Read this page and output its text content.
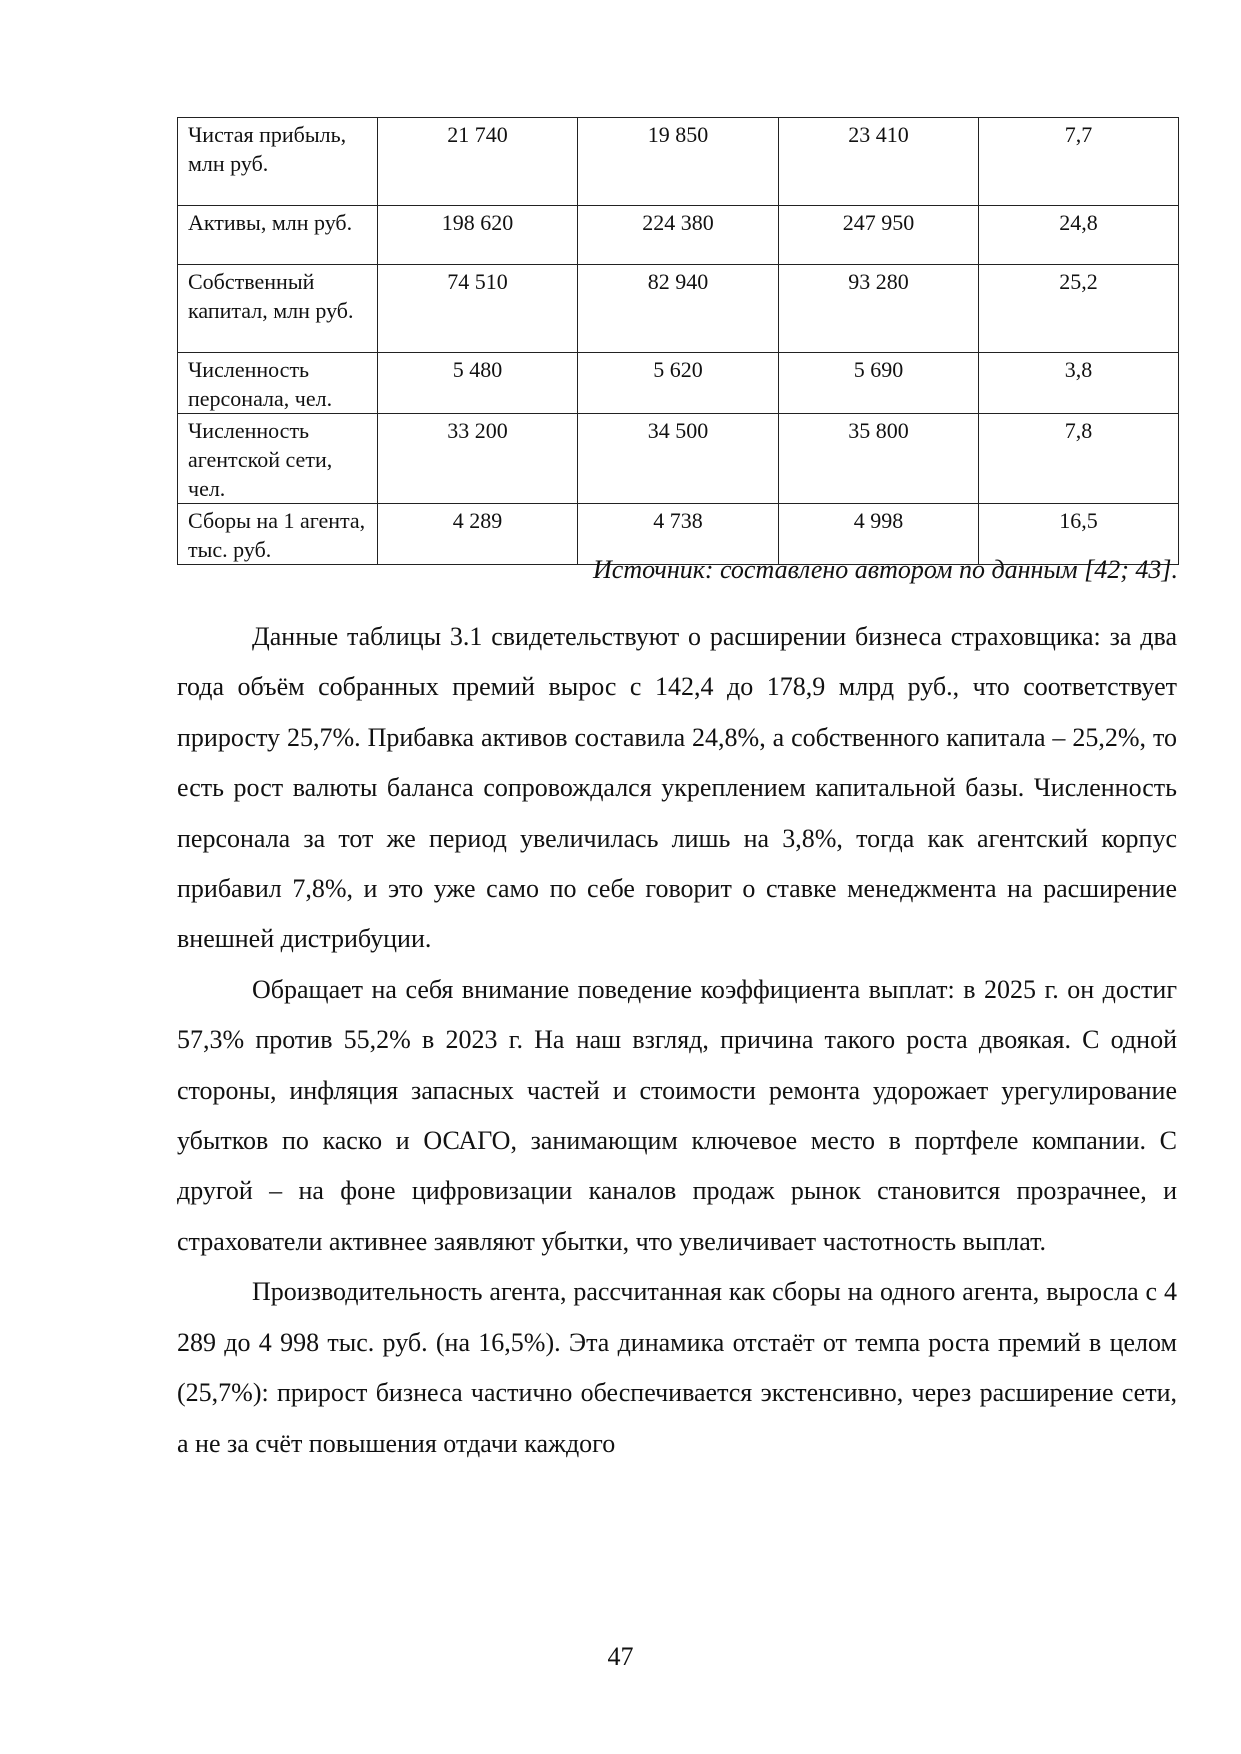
Чистая прибыль, млн руб.	21 740	19 850	23 410	7,7
Активы, млн руб.	198 620	224 380	247 950	24,8
Собственный капитал, млн руб.	74 510	82 940	93 280	25,2
Численность персонала, чел.	5 480	5 620	5 690	3,8
Численность агентской сети, чел.	33 200	34 500	35 800	7,8
Сборы на 1 агента, тыс. руб.	4 289	4 738	4 998	16,5
Источник: составлено автором по данным [42; 43].

Данные таблицы 3.1 свидетельствуют о расширении бизнеса страховщика: за два года объём собранных премий вырос с 142,4 до 178,9 млрд руб., что соответствует приросту 25,7%. Прибавка активов составила 24,8%, а собственного капитала – 25,2%, то есть рост валюты баланса сопровождался укреплением капитальной базы. Численность персонала за тот же период увеличилась лишь на 3,8%, тогда как агентский корпус прибавил 7,8%, и это уже само по себе говорит о ставке менеджмента на расширение внешней дистрибуции.

Обращает на себя внимание поведение коэффициента выплат: в 2025 г. он достиг 57,3% против 55,2% в 2023 г. На наш взгляд, причина такого роста двоякая. С одной стороны, инфляция запасных частей и стоимости ремонта удорожает урегулирование убытков по каско и ОСАГО, занимающим ключевое место в портфеле компании. С другой – на фоне цифровизации каналов продаж рынок становится прозрачнее, и страхователи активнее заявляют убытки, что увеличивает частотность выплат.

Производительность агента, рассчитанная как сборы на одного агента, выросла с 4 289 до 4 998 тыс. руб. (на 16,5%). Эта динамика отстаёт от темпа роста премий в целом (25,7%): прирост бизнеса частично обеспечивается экстенсивно, через расширение сети, а не за счёт повышения отдачи каждого

47
